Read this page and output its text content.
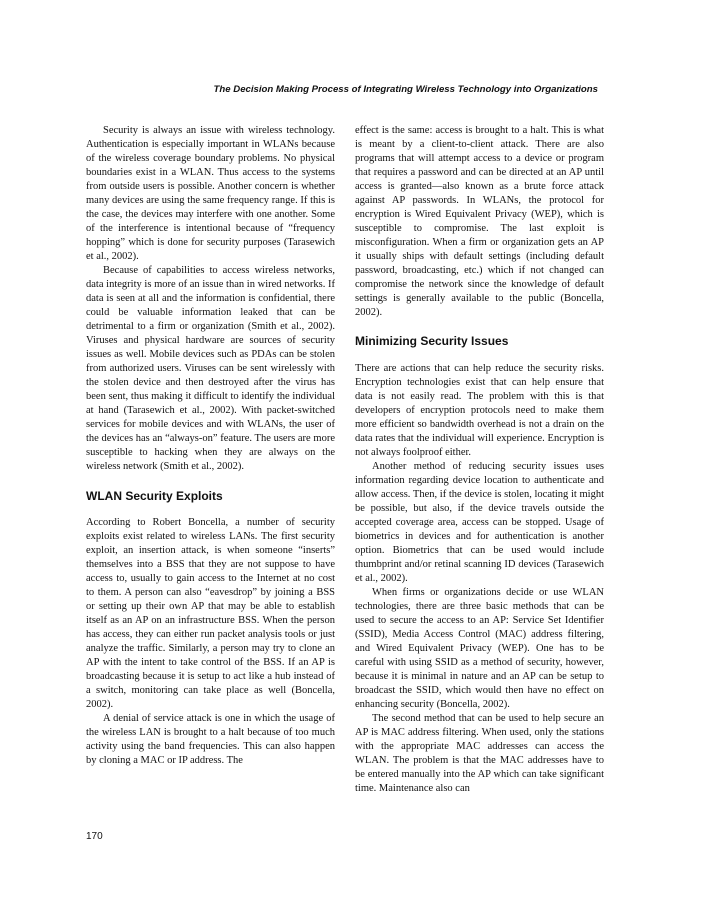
The Decision Making Process of Integrating Wireless Technology into Organizations

Security is always an issue with wireless technology. Authentication is especially important in WLANs because of the wireless coverage boundary problems. No physical boundaries exist in a WLAN. Thus access to the systems from outside users is possible. Another concern is whether many devices are using the same frequency range. If this is the case, the devices may interfere with one another. Some of the interference is intentional because of “frequency hopping” which is done for security purposes (Tarasewich et al., 2002).

Because of capabilities to access wireless networks, data integrity is more of an issue than in wired networks. If data is seen at all and the information is confidential, there could be valuable information leaked that can be detrimental to a firm or organization (Smith et al., 2002). Viruses and physical hardware are sources of security issues as well. Mobile devices such as PDAs can be stolen from authorized users. Viruses can be sent wirelessly with the stolen device and then destroyed after the virus has been sent, thus making it difficult to identify the individual at hand (Tarasewich et al., 2002). With packet-switched services for mobile devices and with WLANs, the user of the devices has an “always-on” feature. The users are more susceptible to hacking when they are always on the wireless network (Smith et al., 2002).

WLAN Security Exploits

According to Robert Boncella, a number of security exploits exist related to wireless LANs. The first security exploit, an insertion attack, is when someone “inserts” themselves into a BSS that they are not suppose to have access to, usually to gain access to the Internet at no cost to them. A person can also “eavesdrop” by joining a BSS or setting up their own AP that may be able to establish itself as an AP on an infrastructure BSS. When the person has access, they can either run packet analysis tools or just analyze the traffic. Similarly, a person may try to clone an AP with the intent to take control of the BSS. If an AP is broadcasting because it is setup to act like a hub instead of a switch, monitoring can take place as well (Boncella, 2002).

A denial of service attack is one in which the usage of the wireless LAN is brought to a halt because of too much activity using the band frequencies. This can also happen by cloning a MAC or IP address. The

effect is the same: access is brought to a halt. This is what is meant by a client-to-client attack. There are also programs that will attempt access to a device or program that requires a password and can be directed at an AP until access is granted—also known as a brute force attack against AP passwords. In WLANs, the protocol for encryption is Wired Equivalent Privacy (WEP), which is susceptible to compromise. The last exploit is misconfiguration. When a firm or organization gets an AP it usually ships with default settings (including default password, broadcasting, etc.) which if not changed can compromise the network since the knowledge of default settings is generally available to the public (Boncella, 2002).

Minimizing Security Issues

There are actions that can help reduce the security risks. Encryption technologies exist that can help ensure that data is not easily read. The problem with this is that developers of encryption protocols need to make them more efficient so bandwidth overhead is not a drain on the data rates that the individual will experience. Encryption is not always foolproof either.

Another method of reducing security issues uses information regarding device location to authenticate and allow access. Then, if the device is stolen, locating it might be possible, but also, if the device travels outside the accepted coverage area, access can be stopped. Usage of biometrics in devices and for authentication is another option. Biometrics that can be used would include thumbprint and/or retinal scanning ID devices (Tarasewich et al., 2002).

When firms or organizations decide or use WLAN technologies, there are three basic methods that can be used to secure the access to an AP: Service Set Identifier (SSID), Media Access Control (MAC) address filtering, and Wired Equivalent Privacy (WEP). One has to be careful with using SSID as a method of security, however, because it is minimal in nature and an AP can be setup to broadcast the SSID, which would then have no effect on enhancing security (Boncella, 2002).

The second method that can be used to help secure an AP is MAC address filtering. When used, only the stations with the appropriate MAC addresses can access the WLAN. The problem is that the MAC addresses have to be entered manually into the AP which can take significant time. Maintenance also can

170
